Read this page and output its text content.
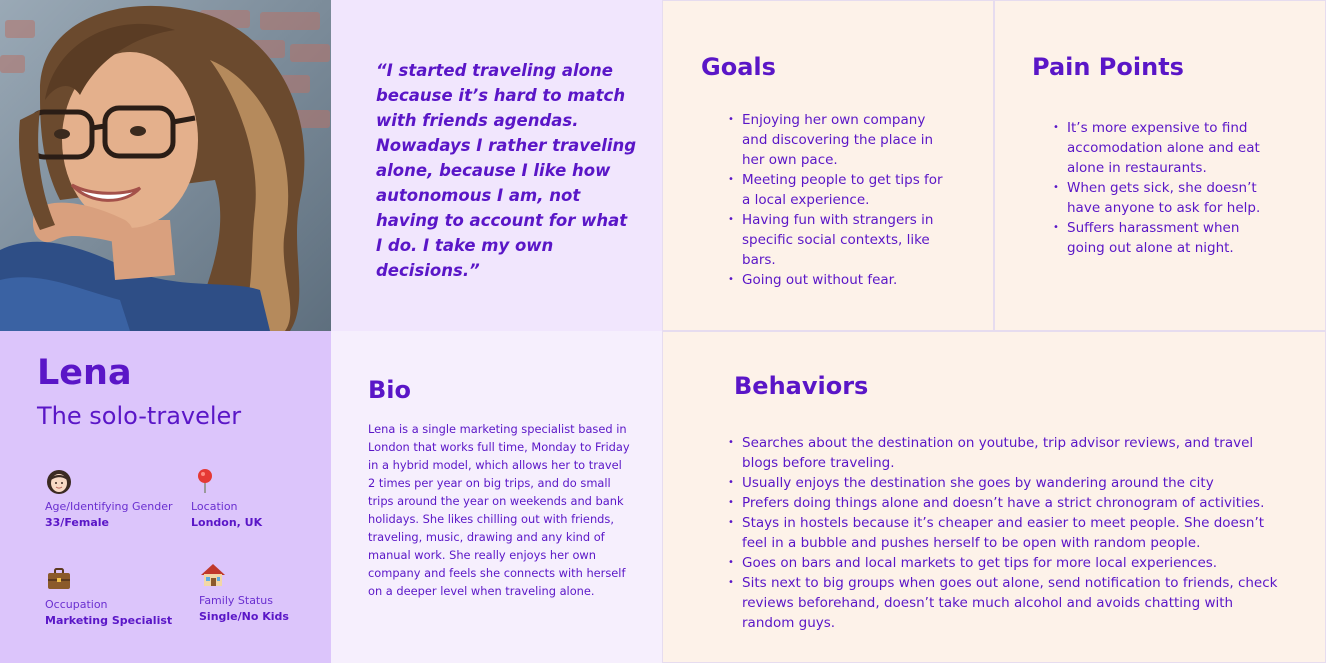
“I started traveling alone because it’s hard to match with friends agendas. Nowadays I rather traveling alone, because I like how autonomous I am, not having to account for what I do. I take my own decisions.”

Goals
• Enjoying her own company and discovering the place in her own pace.
• Meeting people to get tips for a local experience.
• Having fun with strangers in specific social contexts, like bars.
• Going out without fear.
Pain Points
• It’s more expensive to find accomodation alone and eat alone in restaurants.
• When gets sick, she doesn’t have anyone to ask for help.
• Suffers harassment when going out alone at night.
Lena
The solo-traveler
Age/Identifying Gender
33/Female
Location
London, UK
Occupation
Marketing Specialist
Family Status
Single/No Kids
Bio

Lena is a single marketing specialist based in London that works full time, Monday to Friday in a hybrid model, which allows her to travel 2 times per year on big trips, and do small trips around the year on weekends and bank holidays. She likes chilling out with friends, traveling, music, drawing and any kind of manual work. She really enjoys her own company and feels she connects with herself on a deeper level when traveling alone.

Behaviors
• Searches about the destination on youtube, trip advisor reviews, and travel blogs before traveling.
• Usually enjoys the destination she goes by wandering around the city
• Prefers doing things alone and doesn’t have a strict chronogram of activities.
• Stays in hostels because it’s cheaper and easier to meet people. She doesn’t feel in a bubble and pushes herself to be open with random people.
• Goes on bars and local markets to get tips for more local experiences.
• Sits next to big groups when goes out alone, send notification to friends, check reviews beforehand, doesn’t take much alcohol and avoids chatting with random guys.
